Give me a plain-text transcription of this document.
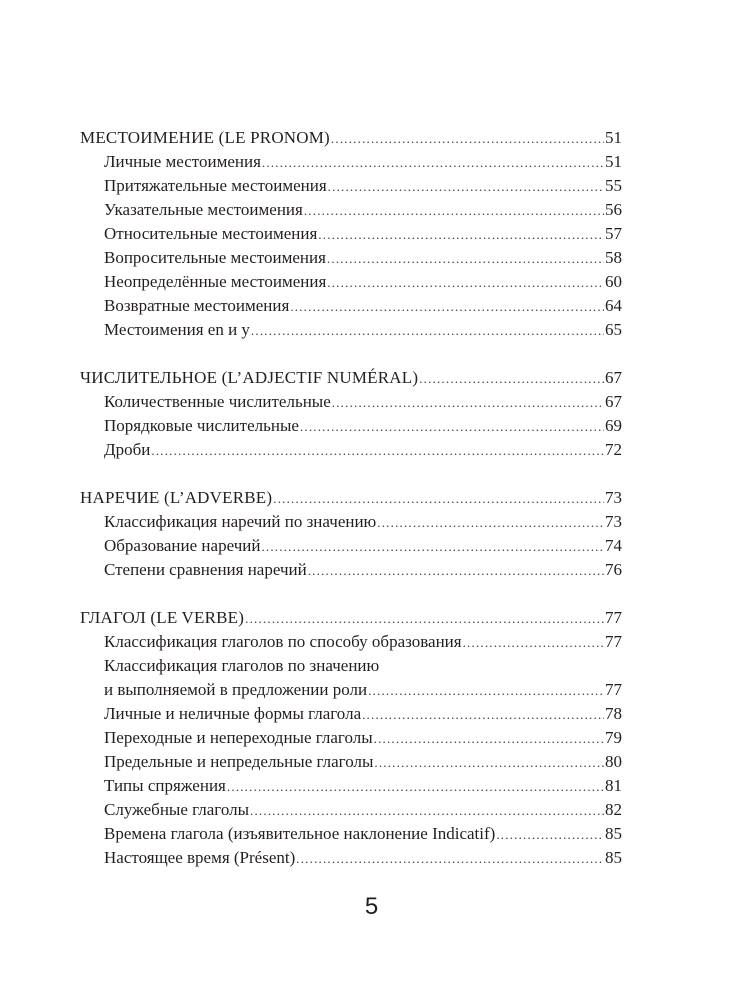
МЕСТОИМЕНИЕ (LE PRONOM) .....	51
Личные местоимения .....	51
Притяжательные местоимения .....	55
Указательные местоимения .....	56
Относительные местоимения .....	57
Вопросительные местоимения .....	58
Неопределённые местоимения .....	60
Возвратные местоимения .....	64
Местоимения en и y .....	65
ЧИСЛИТЕЛЬНОЕ (L’ADJECTIF NUMÉRAL) .....	67
Количественные числительные .....	67
Порядковые числительные .....	69
Дроби .....	72
НАРЕЧИЕ (L’ADVERBE) .....	73
Классификация наречий по значению .....	73
Образование наречий .....	74
Степени сравнения наречий .....	76
ГЛАГОЛ (LE VERBE) .....	77
Классификация глаголов по способу образования .....	77
Классификация глаголов по значению
и выполняемой в предложении роли .....	77
Личные и неличные формы глагола .....	78
Переходные и непереходные глаголы .....	79
Предельные и непредельные глаголы .....	80
Типы спряжения .....	81
Служебные глаголы .....	82
Времена глагола (изъявительное наклонение Indicatif) .....	85
Настоящее время (Présent) .....	85
5
